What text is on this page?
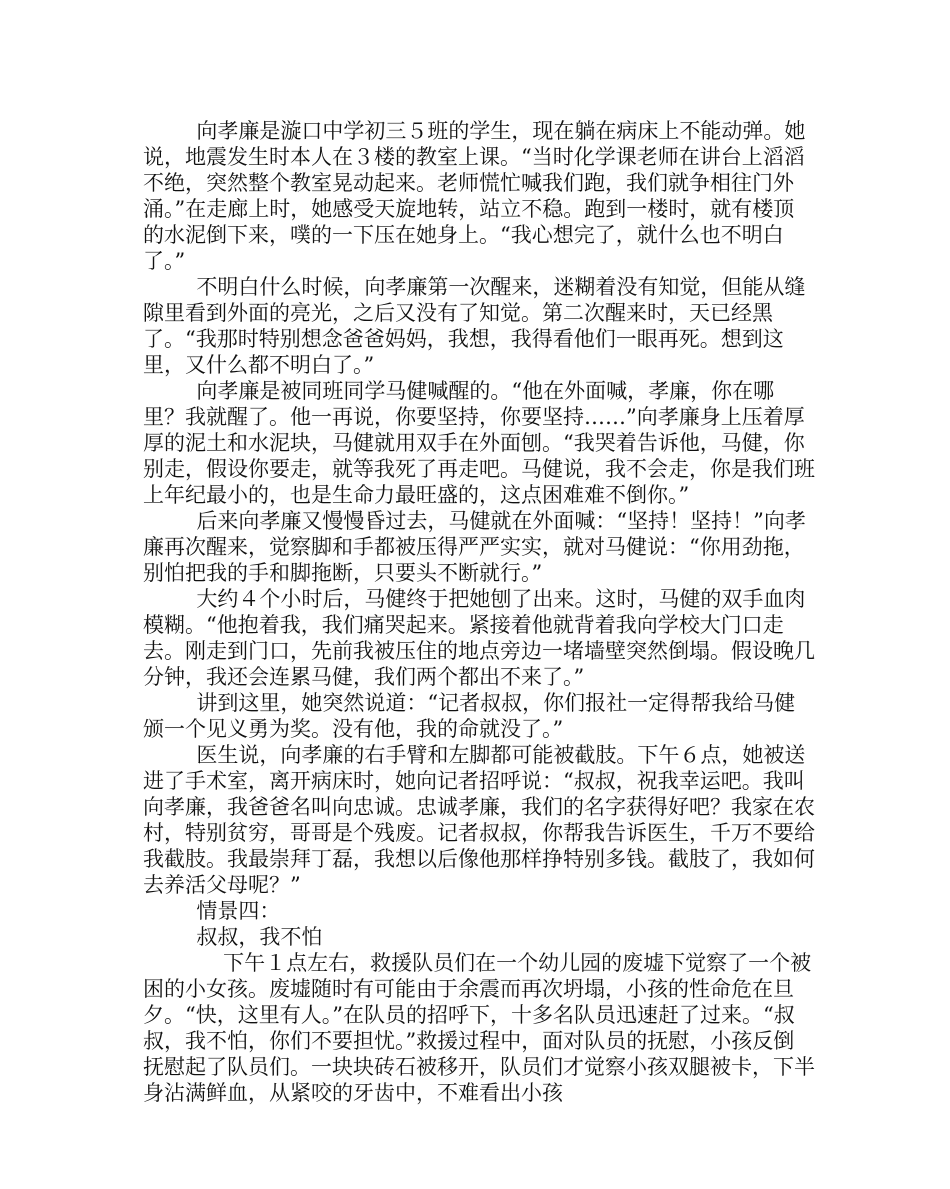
向孝廉是漩口中学初三５班的学生，现在躺在病床上不能动弹。她说，地震发生时本人在３楼的教室上课。“当时化学课老师在讲台上滔滔不绝，突然整个教室晃动起来。老师慌忙喊我们跑，我们就争相往门外涌。”在走廊上时，她感受天旋地转，站立不稳。跑到一楼时，就有楼顶的水泥倒下来，噗的一下压在她身上。“我心想完了，就什么也不明白了。”

不明白什么时候，向孝廉第一次醒来，迷糊着没有知觉，但能从缝隙里看到外面的亮光，之后又没有了知觉。第二次醒来时，天已经黑了。“我那时特别想念爸爸妈妈，我想，我得看他们一眼再死。想到这里，又什么都不明白了。”

向孝廉是被同班同学马健喊醒的。“他在外面喊，孝廉，你在哪里？我就醒了。他一再说，你要坚持，你要坚持……”向孝廉身上压着厚厚的泥土和水泥块，马健就用双手在外面刨。“我哭着告诉他，马健，你别走，假设你要走，就等我死了再走吧。马健说，我不会走，你是我们班上年纪最小的，也是生命力最旺盛的，这点困难难不倒你。”

后来向孝廉又慢慢昏过去，马健就在外面喊：“坚持！坚持！”向孝廉再次醒来，觉察脚和手都被压得严严实实，就对马健说：“你用劲拖，别怕把我的手和脚拖断，只要头不断就行。”

大约４个小时后，马健终于把她刨了出来。这时，马健的双手血肉模糊。“他抱着我，我们痛哭起来。紧接着他就背着我向学校大门口走去。刚走到门口，先前我被压住的地点旁边一堵墙壁突然倒塌。假设晚几分钟，我还会连累马健，我们两个都出不来了。”

讲到这里，她突然说道：“记者叔叔，你们报社一定得帮我给马健颁一个见义勇为奖。没有他，我的命就没了。”

医生说，向孝廉的右手臂和左脚都可能被截肢。下午６点，她被送进了手术室，离开病床时，她向记者招呼说：“叔叔，祝我幸运吧。我叫向孝廉，我爸爸名叫向忠诚。忠诚孝廉，我们的名字获得好吧？我家在农村，特别贫穷，哥哥是个残废。记者叔叔，你帮我告诉医生，千万不要给我截肢。我最崇拜丁磊，我想以后像他那样挣特别多钱。截肢了，我如何去养活父母呢？”

情景四：

叔叔，我不怕

下午１点左右，救援队员们在一个幼儿园的废墟下觉察了一个被困的小女孩。废墟随时有可能由于余震而再次坍塌，小孩的性命危在旦夕。“快，这里有人。”在队员的招呼下，十多名队员迅速赶了过来。“叔叔，我不怕，你们不要担忧。”救援过程中，面对队员的抚慰，小孩反倒抚慰起了队员们。一块块砖石被移开，队员们才觉察小孩双腿被卡，下半身沾满鲜血，从紧咬的牙齿中，不难看出小孩
